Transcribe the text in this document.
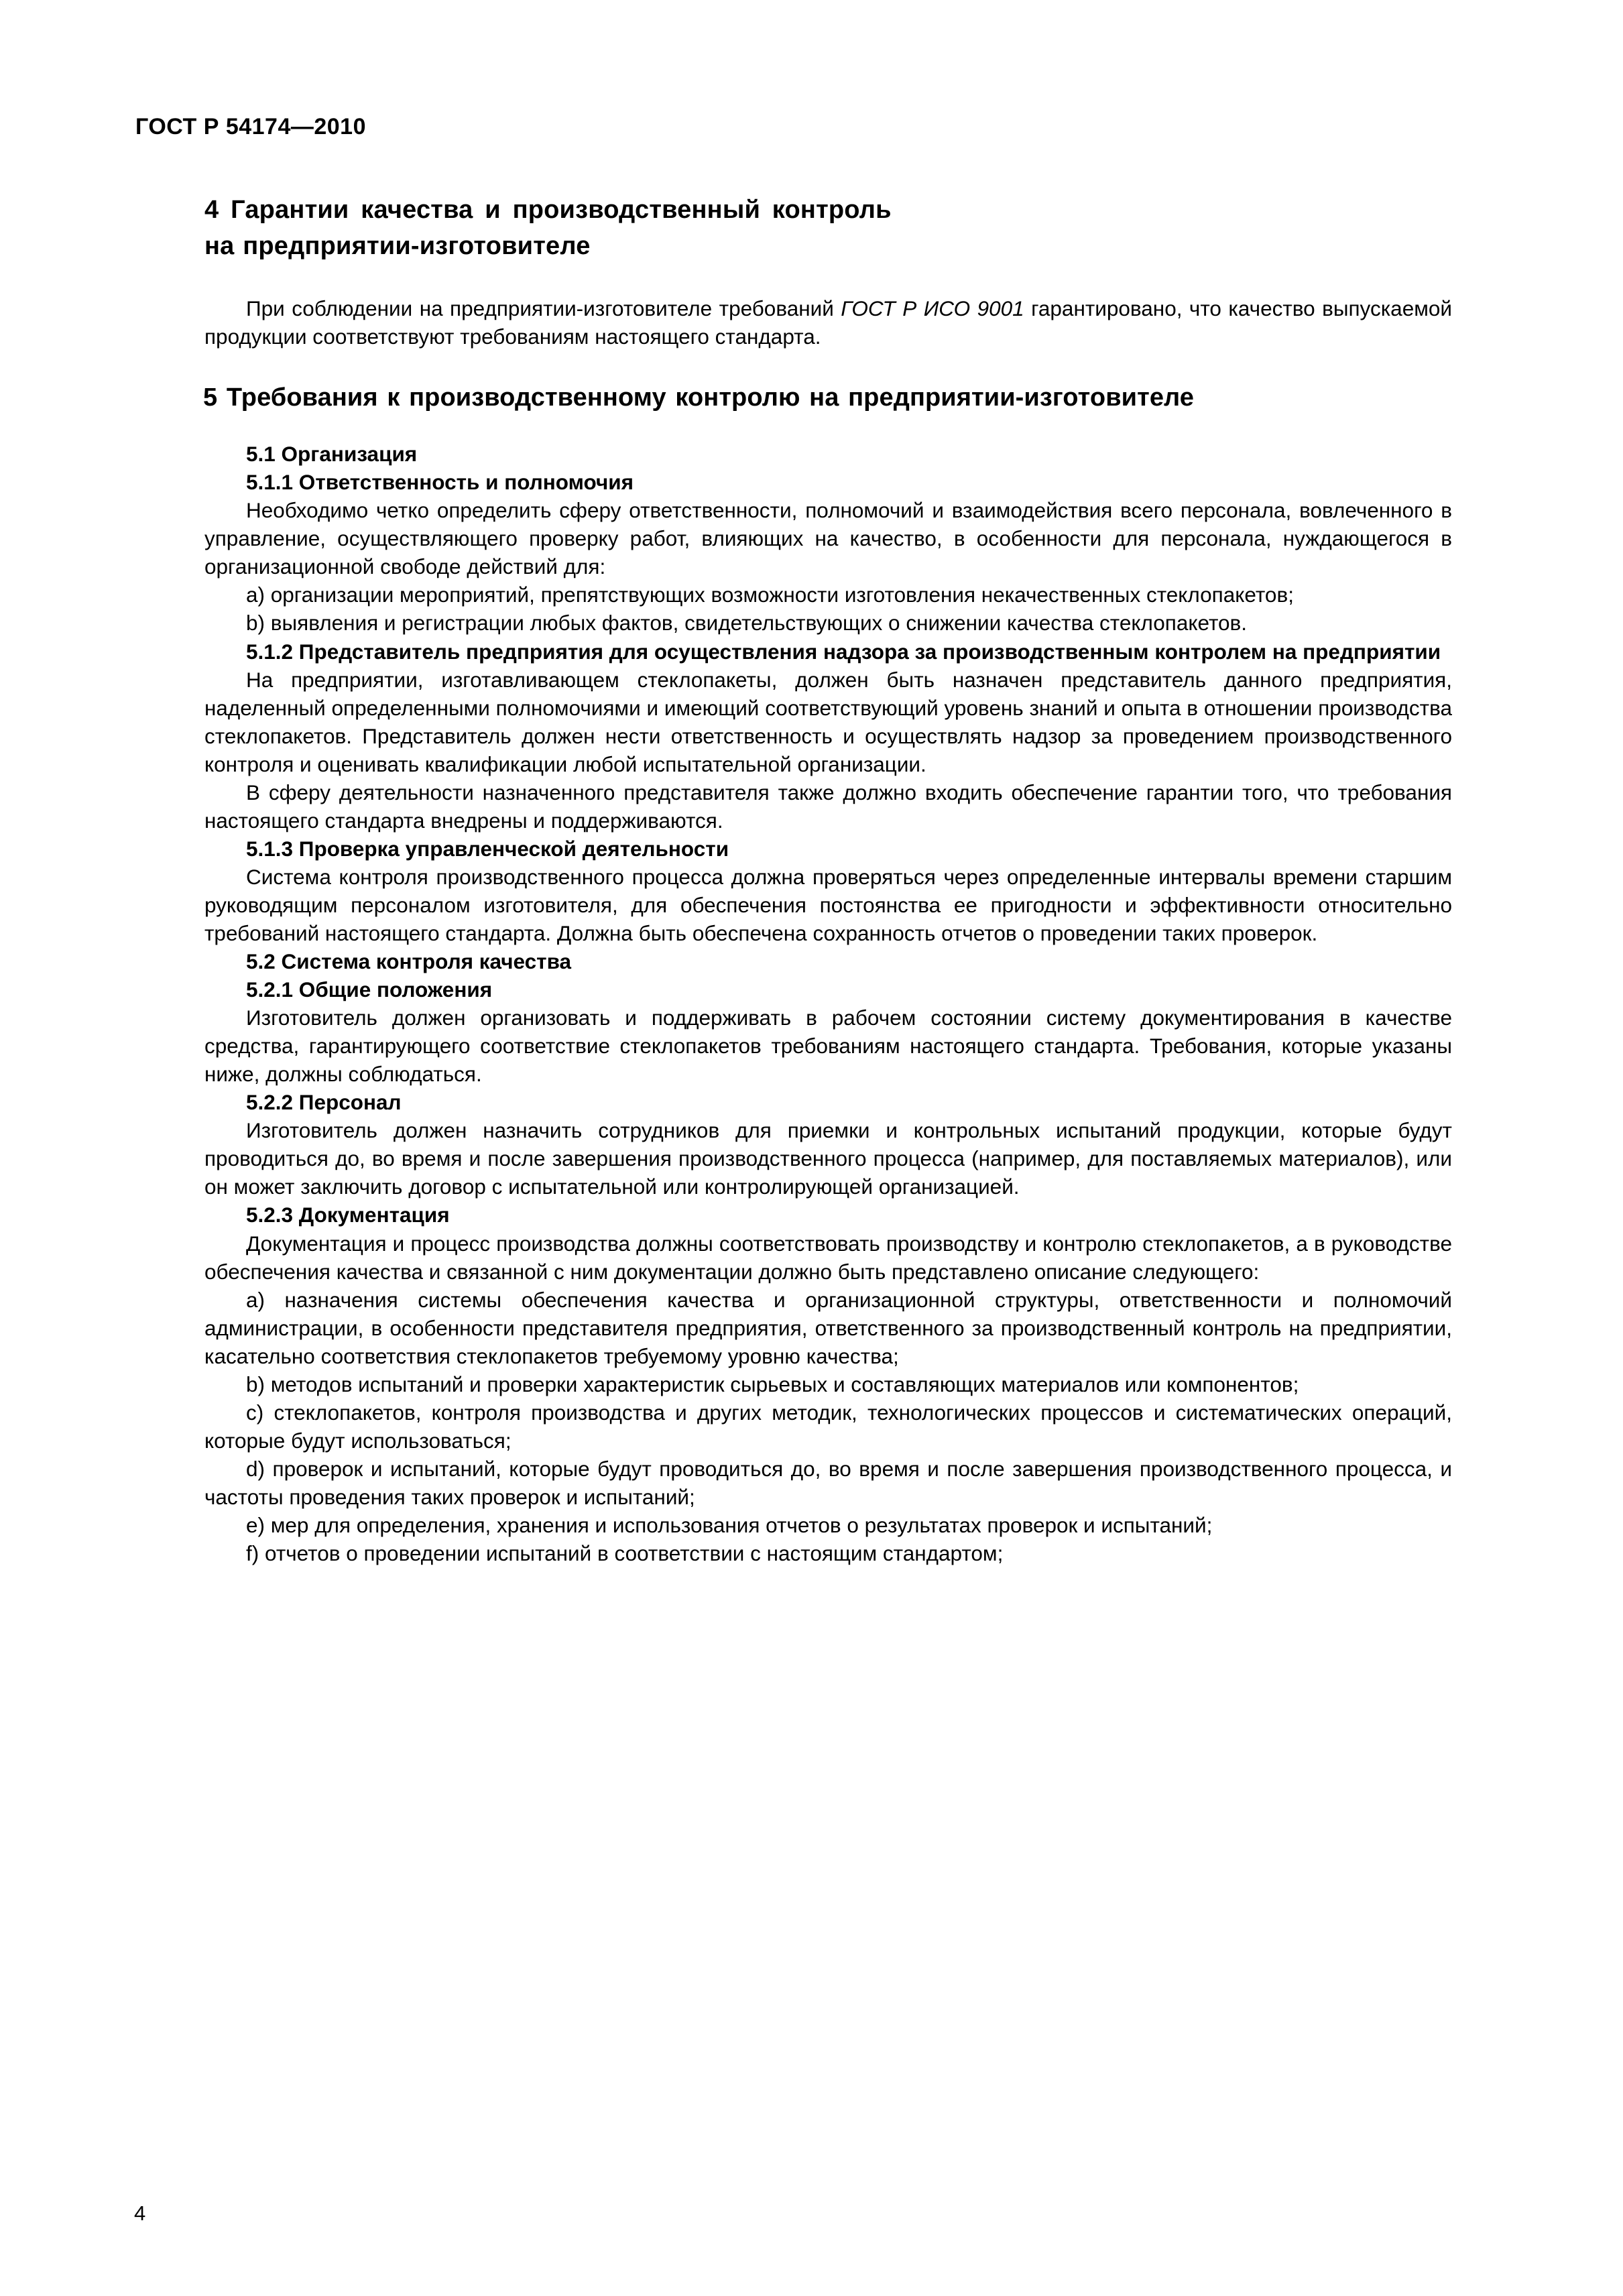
ГОСТ Р 54174—2010
4 Гарантии качества и производственный контроль
на предприятии-изготовителе

При соблюдении на предприятии-изготовителе требований ГОСТ Р ИСО 9001 гарантировано, что качество выпускаемой продукции соответствуют требованиям настоящего стандарта.

5 Требования к производственному контролю на предприятии-изготовителе

5.1 Организация

5.1.1 Ответственность и полномочия

Необходимо четко определить сферу ответственности, полномочий и взаимодействия всего персонала, вовлеченного в управление, осуществляющего проверку работ, влияющих на качество, в особенности для персонала, нуждающегося в организационной свободе действий для:

a) организации мероприятий, препятствующих возможности изготовления некачественных стеклопакетов;

b) выявления и регистрации любых фактов, свидетельствующих о снижении качества стеклопакетов.

5.1.2 Представитель предприятия для осуществления надзора за производственным контролем на предприятии

На предприятии, изготавливающем стеклопакеты, должен быть назначен представитель данного предприятия, наделенный определенными полномочиями и имеющий соответствующий уровень знаний и опыта в отношении производства стеклопакетов. Представитель должен нести ответственность и осуществлять надзор за проведением производственного контроля и оценивать квалификации любой испытательной организации.

В сферу деятельности назначенного представителя также должно входить обеспечение гарантии того, что требования настоящего стандарта внедрены и поддерживаются.

5.1.3 Проверка управленческой деятельности

Система контроля производственного процесса должна проверяться через определенные интервалы времени старшим руководящим персоналом изготовителя, для обеспечения постоянства ее пригодности и эффективности относительно требований настоящего стандарта. Должна быть обеспечена сохранность отчетов о проведении таких проверок.

5.2 Система контроля качества

5.2.1 Общие положения

Изготовитель должен организовать и поддерживать в рабочем состоянии систему документирования в качестве средства, гарантирующего соответствие стеклопакетов требованиям настоящего стандарта. Требования, которые указаны ниже, должны соблюдаться.

5.2.2 Персонал

Изготовитель должен назначить сотрудников для приемки и контрольных испытаний продукции, которые будут проводиться до, во время и после завершения производственного процесса (например, для поставляемых материалов), или он может заключить договор с испытательной или контролирующей организацией.

5.2.3 Документация

Документация и процесс производства должны соответствовать производству и контролю стеклопакетов, а в руководстве обеспечения качества и связанной с ним документации должно быть представлено описание следующего:

a) назначения системы обеспечения качества и организационной структуры, ответственности и полномочий администрации, в особенности представителя предприятия, ответственного за производственный контроль на предприятии, касательно соответствия стеклопакетов требуемому уровню качества;

b) методов испытаний и проверки характеристик сырьевых и составляющих материалов или компонентов;

c) стеклопакетов, контроля производства и других методик, технологических процессов и систематических операций, которые будут использоваться;

d) проверок и испытаний, которые будут проводиться до, во время и после завершения производственного процесса, и частоты проведения таких проверок и испытаний;

e) мер для определения, хранения и использования отчетов о результатах проверок и испытаний;

f) отчетов о проведении испытаний в соответствии с настоящим стандартом;

4
